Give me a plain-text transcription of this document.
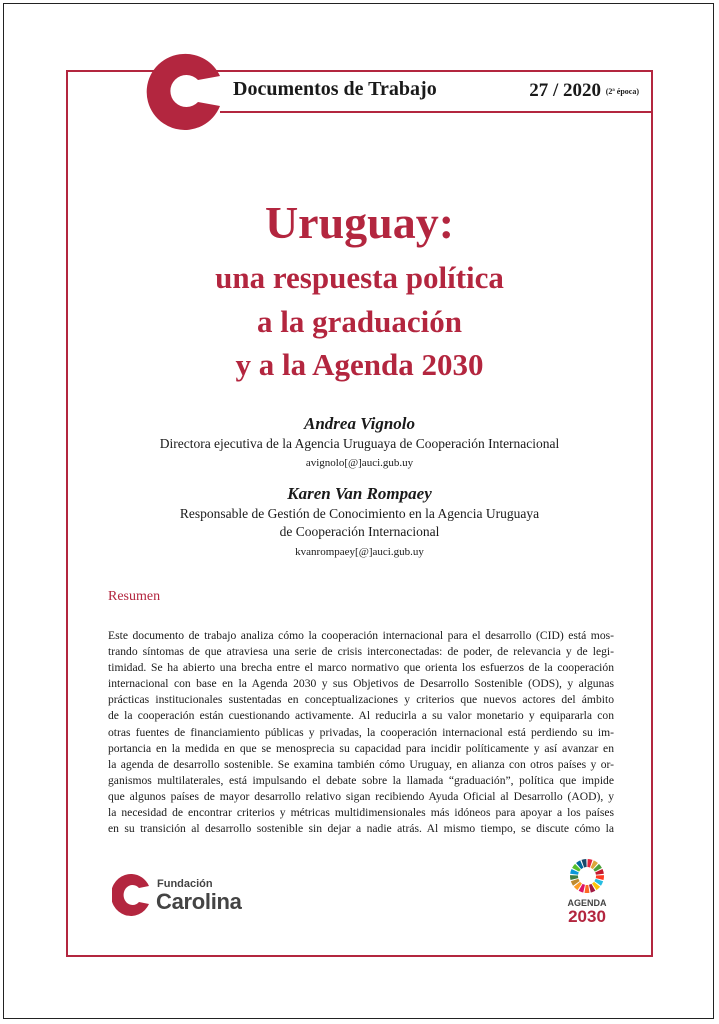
Documentos de Trabajo	27 / 2020 (2ª época)
Uruguay:
una respuesta política
a la graduación
y a la Agenda 2030
Andrea Vignolo
Directora ejecutiva de la Agencia Uruguaya de Cooperación Internacional
avignolo[@]auci.gub.uy
Karen Van Rompaey
Responsable de Gestión de Conocimiento en la Agencia Uruguaya
de Cooperación Internacional
kvanrompaey[@]auci.gub.uy
Resumen
Este documento de trabajo analiza cómo la cooperación internacional para el desarrollo (CID) está mos-
trando síntomas de que atraviesa una serie de crisis interconectadas: de poder, de relevancia y de legi-
timidad. Se ha abierto una brecha entre el marco normativo que orienta los esfuerzos de la cooperación
internacional con base en la Agenda 2030 y sus Objetivos de Desarrollo Sostenible (ODS), y algunas
prácticas institucionales sustentadas en conceptualizaciones y criterios que nuevos actores del ámbito
de la cooperación están cuestionando activamente. Al reducirla a su valor monetario y equipararla con
otras fuentes de financiamiento públicas y privadas, la cooperación internacional está perdiendo su im-
portancia en la medida en que se menosprecia su capacidad para incidir políticamente y así avanzar en
la agenda de desarrollo sostenible. Se examina también cómo Uruguay, en alianza con otros países y or-
ganismos multilaterales, está impulsando el debate sobre la llamada “graduación”, política que impide
que algunos países de mayor desarrollo relativo sigan recibiendo Ayuda Oficial al Desarrollo (AOD), y
la necesidad de encontrar criterios y métricas multidimensionales más idóneos para apoyar a los países
en su transición al desarrollo sostenible sin dejar a nadie atrás. Al mismo tiempo, se discute cómo la
Fundación
Carolina	AGENDA
2030
